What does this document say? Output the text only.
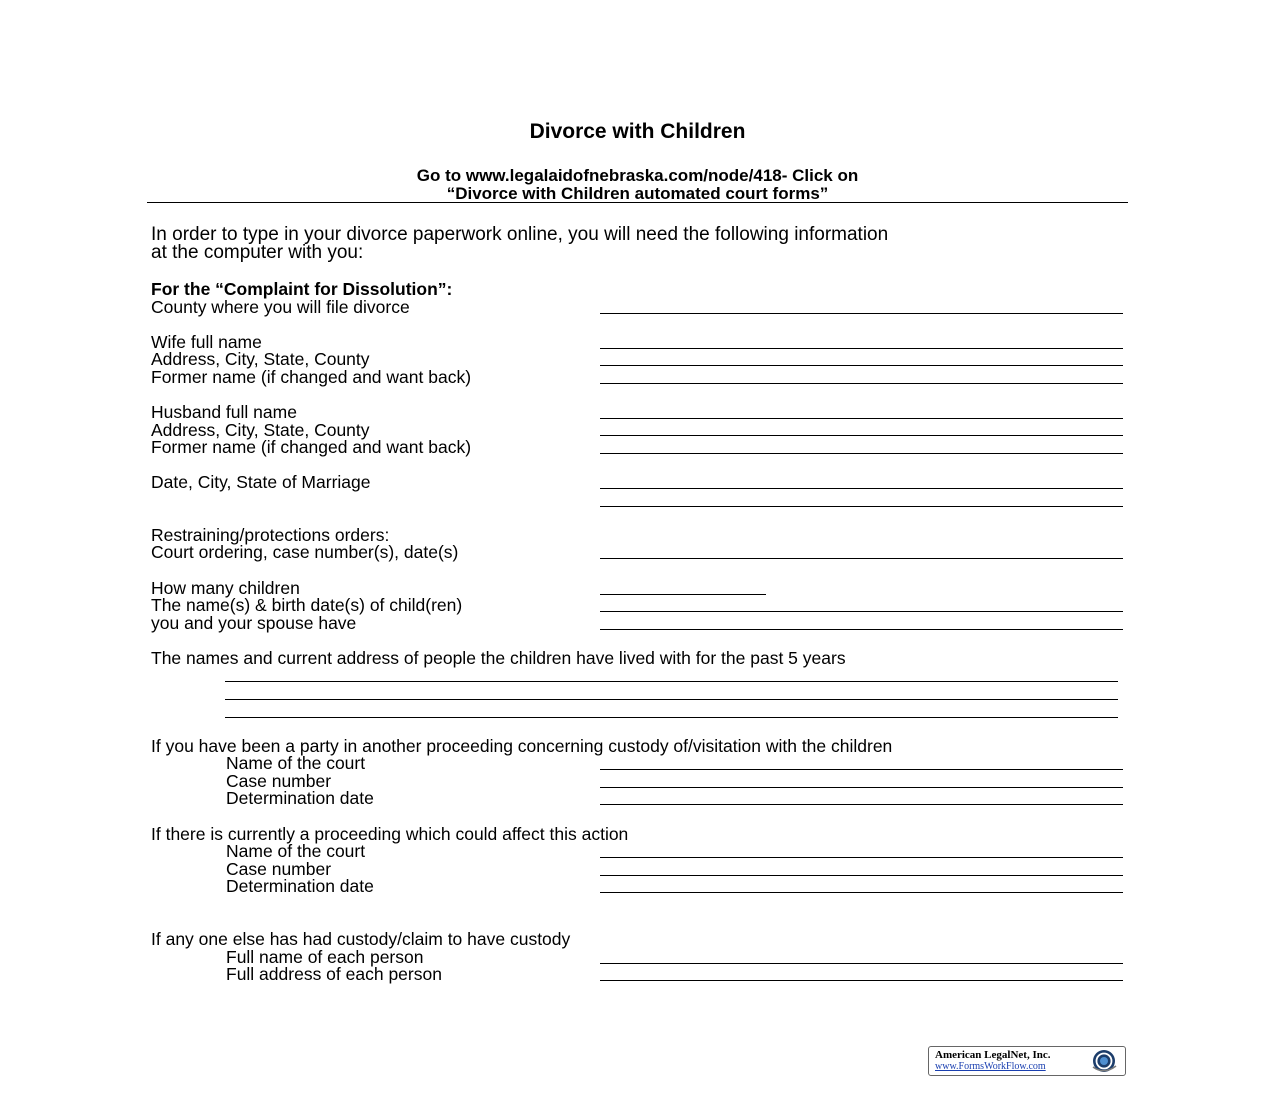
Divorce with Children
Go to www.legalaidofnebraska.com/node/418- Click on
“Divorce with Children automated court forms”
In order to type in your divorce paperwork online, you will need the following information
at the computer with you:
For the “Complaint for Dissolution”:
County where you will file divorce
Wife full name
Address, City, State, County
Former name (if changed and want back)
Husband full name
Address, City, State, County
Former name (if changed and want back)
Date, City, State of Marriage
Restraining/protections orders:
Court ordering, case number(s), date(s)
How many children
The name(s) & birth date(s) of child(ren)
you and your spouse have
The names and current address of people the children have lived with for the past 5 years
If you have been a party in another proceeding concerning custody of/visitation with the children
Name of the court
Case number
Determination date
If there is currently a proceeding which could affect this action
Name of the court
Case number
Determination date
If any one else has had custody/claim to have custody
Full name of each person
Full address of each person
American LegalNet, Inc.
www.FormsWorkFlow.com
